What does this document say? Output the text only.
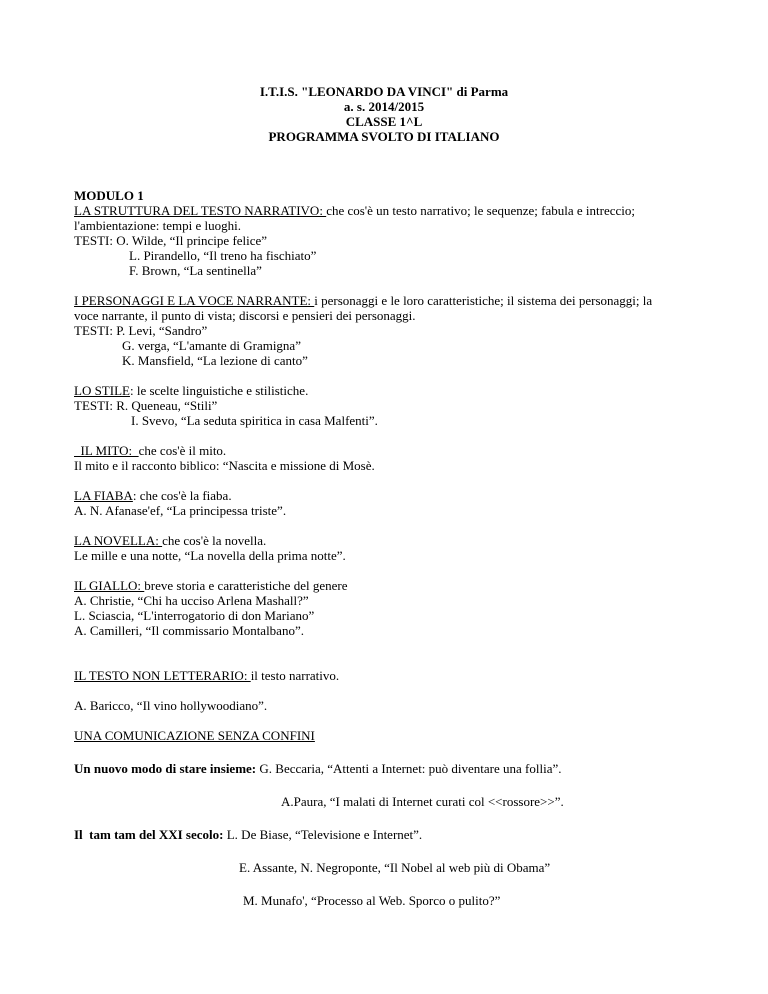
I.T.I.S. "LEONARDO DA VINCI" di Parma
a. s. 2014/2015
CLASSE 1^L
PROGRAMMA SVOLTO DI ITALIANO

MODULO 1

LA STRUTTURA DEL TESTO NARRATIVO: che cos'è un testo narrativo; le sequenze; fabula e intreccio;

l'ambientazione: tempi e luoghi.

TESTI: O. Wilde, “Il principe felice”

L. Pirandello, “Il treno ha fischiato”

F. Brown, “La sentinella”

I PERSONAGGI E LA VOCE NARRANTE: i personaggi e le loro caratteristiche; il sistema dei personaggi; la

voce narrante, il punto di vista; discorsi e pensieri dei personaggi.

TESTI: P. Levi, “Sandro”

G. verga, “L'amante di Gramigna”

K. Mansfield, “La lezione di canto”

LO STILE: le scelte linguistiche e stilistiche.

TESTI: R. Queneau, “Stili”

I. Svevo, “La seduta spiritica in casa Malfenti”.

IL MITO:  che cos'è il mito.

Il mito e il racconto biblico: “Nascita e missione di Mosè.

LA FIABA: che cos'è la fiaba.

A. N. Afanase'ef, “La principessa triste”.

LA NOVELLA: che cos'è la novella.

Le mille e una notte, “La novella della prima notte”.

IL GIALLO: breve storia e caratteristiche del genere

A. Christie, “Chi ha ucciso Arlena Mashall?”

L. Sciascia, “L'interrogatorio di don Mariano”

A. Camilleri, “Il commissario Montalbano”.

IL TESTO NON LETTERARIO: il testo narrativo.

A. Baricco, “Il vino hollywoodiano”.

UNA COMUNICAZIONE SENZA CONFINI

Un nuovo modo di stare insieme: G. Beccaria, “Attenti a Internet: può diventare una follia”.

A.Paura, “I malati di Internet curati col <<rossore>>”.

Il  tam tam del XXI secolo: L. De Biase, “Televisione e Internet”.

E. Assante, N. Negroponte, “Il Nobel al web più di Obama”

M. Munafo', “Processo al Web. Sporco o pulito?”
